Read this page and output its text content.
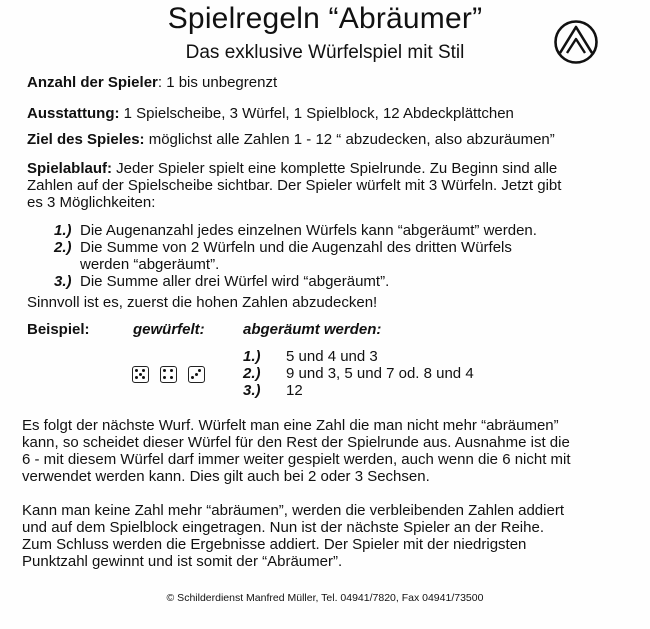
Spielregeln “Abräumer”
Das exklusive Würfelspiel mit Stil
Anzahl der Spieler: 1 bis unbegrenzt
Ausstattung: 1 Spielscheibe, 3 Würfel, 1 Spielblock, 12 Abdeckplättchen
Ziel des Spieles: möglichst alle Zahlen 1 - 12 “ abzudecken, also abzuräumen”
Spielablauf: Jeder Spieler spielt eine komplette Spielrunde. Zu Beginn sind alle
Zahlen auf der Spielscheibe sichtbar. Der Spieler würfelt mit 3 Würfeln. Jetzt gibt
es 3 Möglichkeiten:
1.) Die Augenanzahl jedes einzelnen Würfels kann “abgeräumt” werden.
2.) Die Summe von 2 Würfeln und die Augenzahl des dritten Würfels
werden “abgeräumt”.
3.) Die Summe aller drei Würfel wird “abgeräumt”.
Sinnvoll ist es, zuerst die hohen Zahlen abzudecken!
Beispiel:	gewürfelt:	abgeräumt werden:
1.) 5 und 4 und 3
2.) 9 und 3, 5 und 7 od. 8 und 4
3.) 12
Es folgt der nächste Wurf. Würfelt man eine Zahl die man nicht mehr “abräumen”
kann, so scheidet dieser Würfel für den Rest der Spielrunde aus. Ausnahme ist die
6 - mit diesem Würfel darf immer weiter gespielt werden, auch wenn die 6 nicht mit
verwendet werden kann. Dies gilt auch bei 2 oder 3 Sechsen.
Kann man keine Zahl mehr “abräumen”, werden die verbleibenden Zahlen addiert
und auf dem Spielblock eingetragen. Nun ist der nächste Spieler an der Reihe.
Zum Schluss werden die Ergebnisse addiert. Der Spieler mit der niedrigsten
Punktzahl gewinnt und ist somit der “Abräumer”.
© Schilderdienst Manfred Müller, Tel. 04941/7820, Fax 04941/73500
